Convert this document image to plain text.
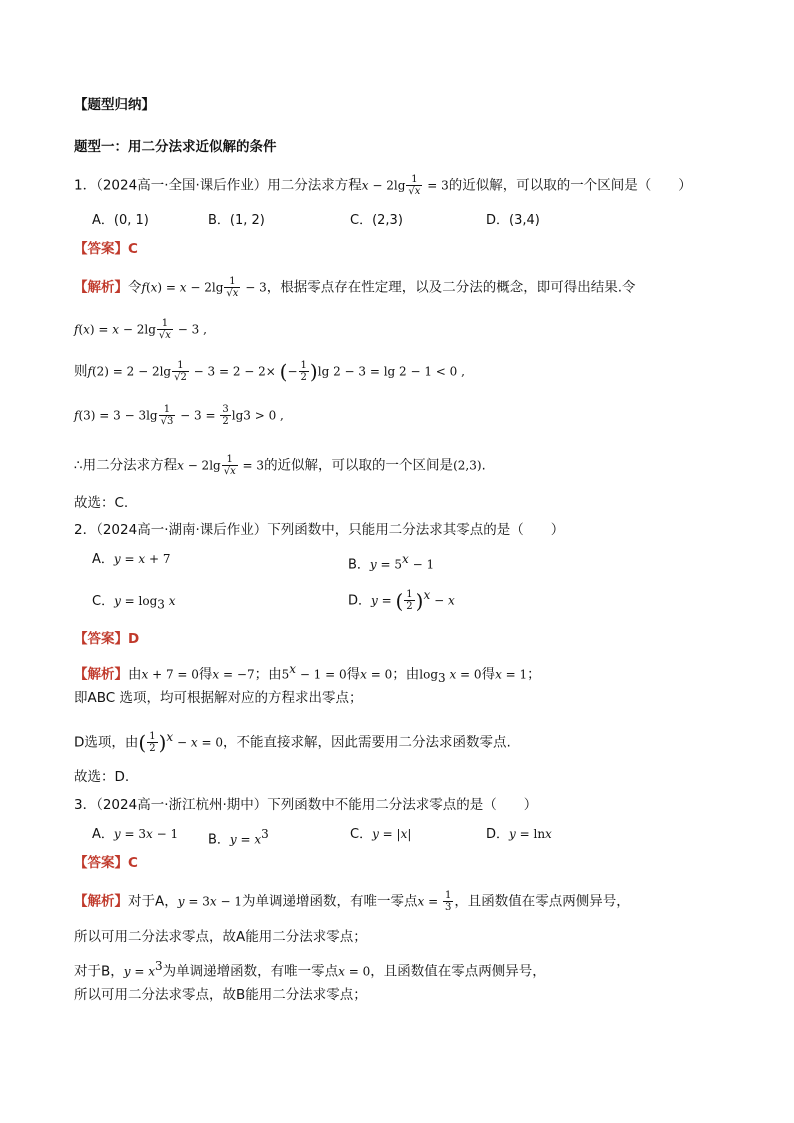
【题型归纳】
题型一：用二分法求近似解的条件
1．（2024高一·全国·课后作业）用二分法求方程$x - 2\lg \frac{1}{√x} = 3$的近似解，可以取的一个区间是（　　）
A．(0, 1)	B．(1, 2)	C．(2,3)	D．(3,4)
【答案】C
【解析】令$f(x) = x - 2\lg \frac{1}{√x} - 3$，根据零点存在性定理，以及二分法的概念，即可得出结果.令
$f(x) = x - 2\lg \frac{1}{√x} - 3$ ,
则$f(2) = 2 - 2\lg \frac{1}{√2} - 3 = 2 - 2\times$ (− $\frac{1}{2} )\lg$ 2 − 3 = lg 2 − 1 < 0 ,
$f(3) = 3 - 3\lg \frac{1}{√3} - 3 = \frac{3}{2} \lg 3 > 0$ ,
∴用二分法求方程$x - 2\lg \frac{1}{√x} = 3$的近似解，可以取的一个区间是(2,3).
故选：C.
2．（2024高一·湖南·课后作业）下列函数中，只能用二分法求其零点的是（　　）
A．y = x + 7	B．$y = 5^x - 1$
C．$y = \log_3 x$	D．y = ( $\frac{1}{2} )^x - x$
【答案】D
【解析】由x + 7 = 0得x = −7；由$5^x - 1 = 0$得x = 0；由$\log_3 x = 0$得x = 1；
即ABC 选项，均可根据解对应的方程求出零点；
D选项，由( $\frac{1}{2} )^x - x = 0$，不能直接求解，因此需要用二分法求函数零点.
故选：D.
3．（2024高一·浙江杭州·期中）下列函数中不能用二分法求零点的是（　　）
A．y = 3x − 1 B．$y = x^3$	C．y = |x|	D．y = lnx
【答案】C
【解析】对于A，y = 3x − 1为单调递增函数，有唯一零点$x = \frac{1}{3}$ ，且函数值在零点两侧异号，
所以可用二分法求零点，故A能用二分法求零点；
对于B，$y = x^3$为单调递增函数，有唯一零点x = 0，且函数值在零点两侧异号，
所以可用二分法求零点，故B能用二分法求零点；
